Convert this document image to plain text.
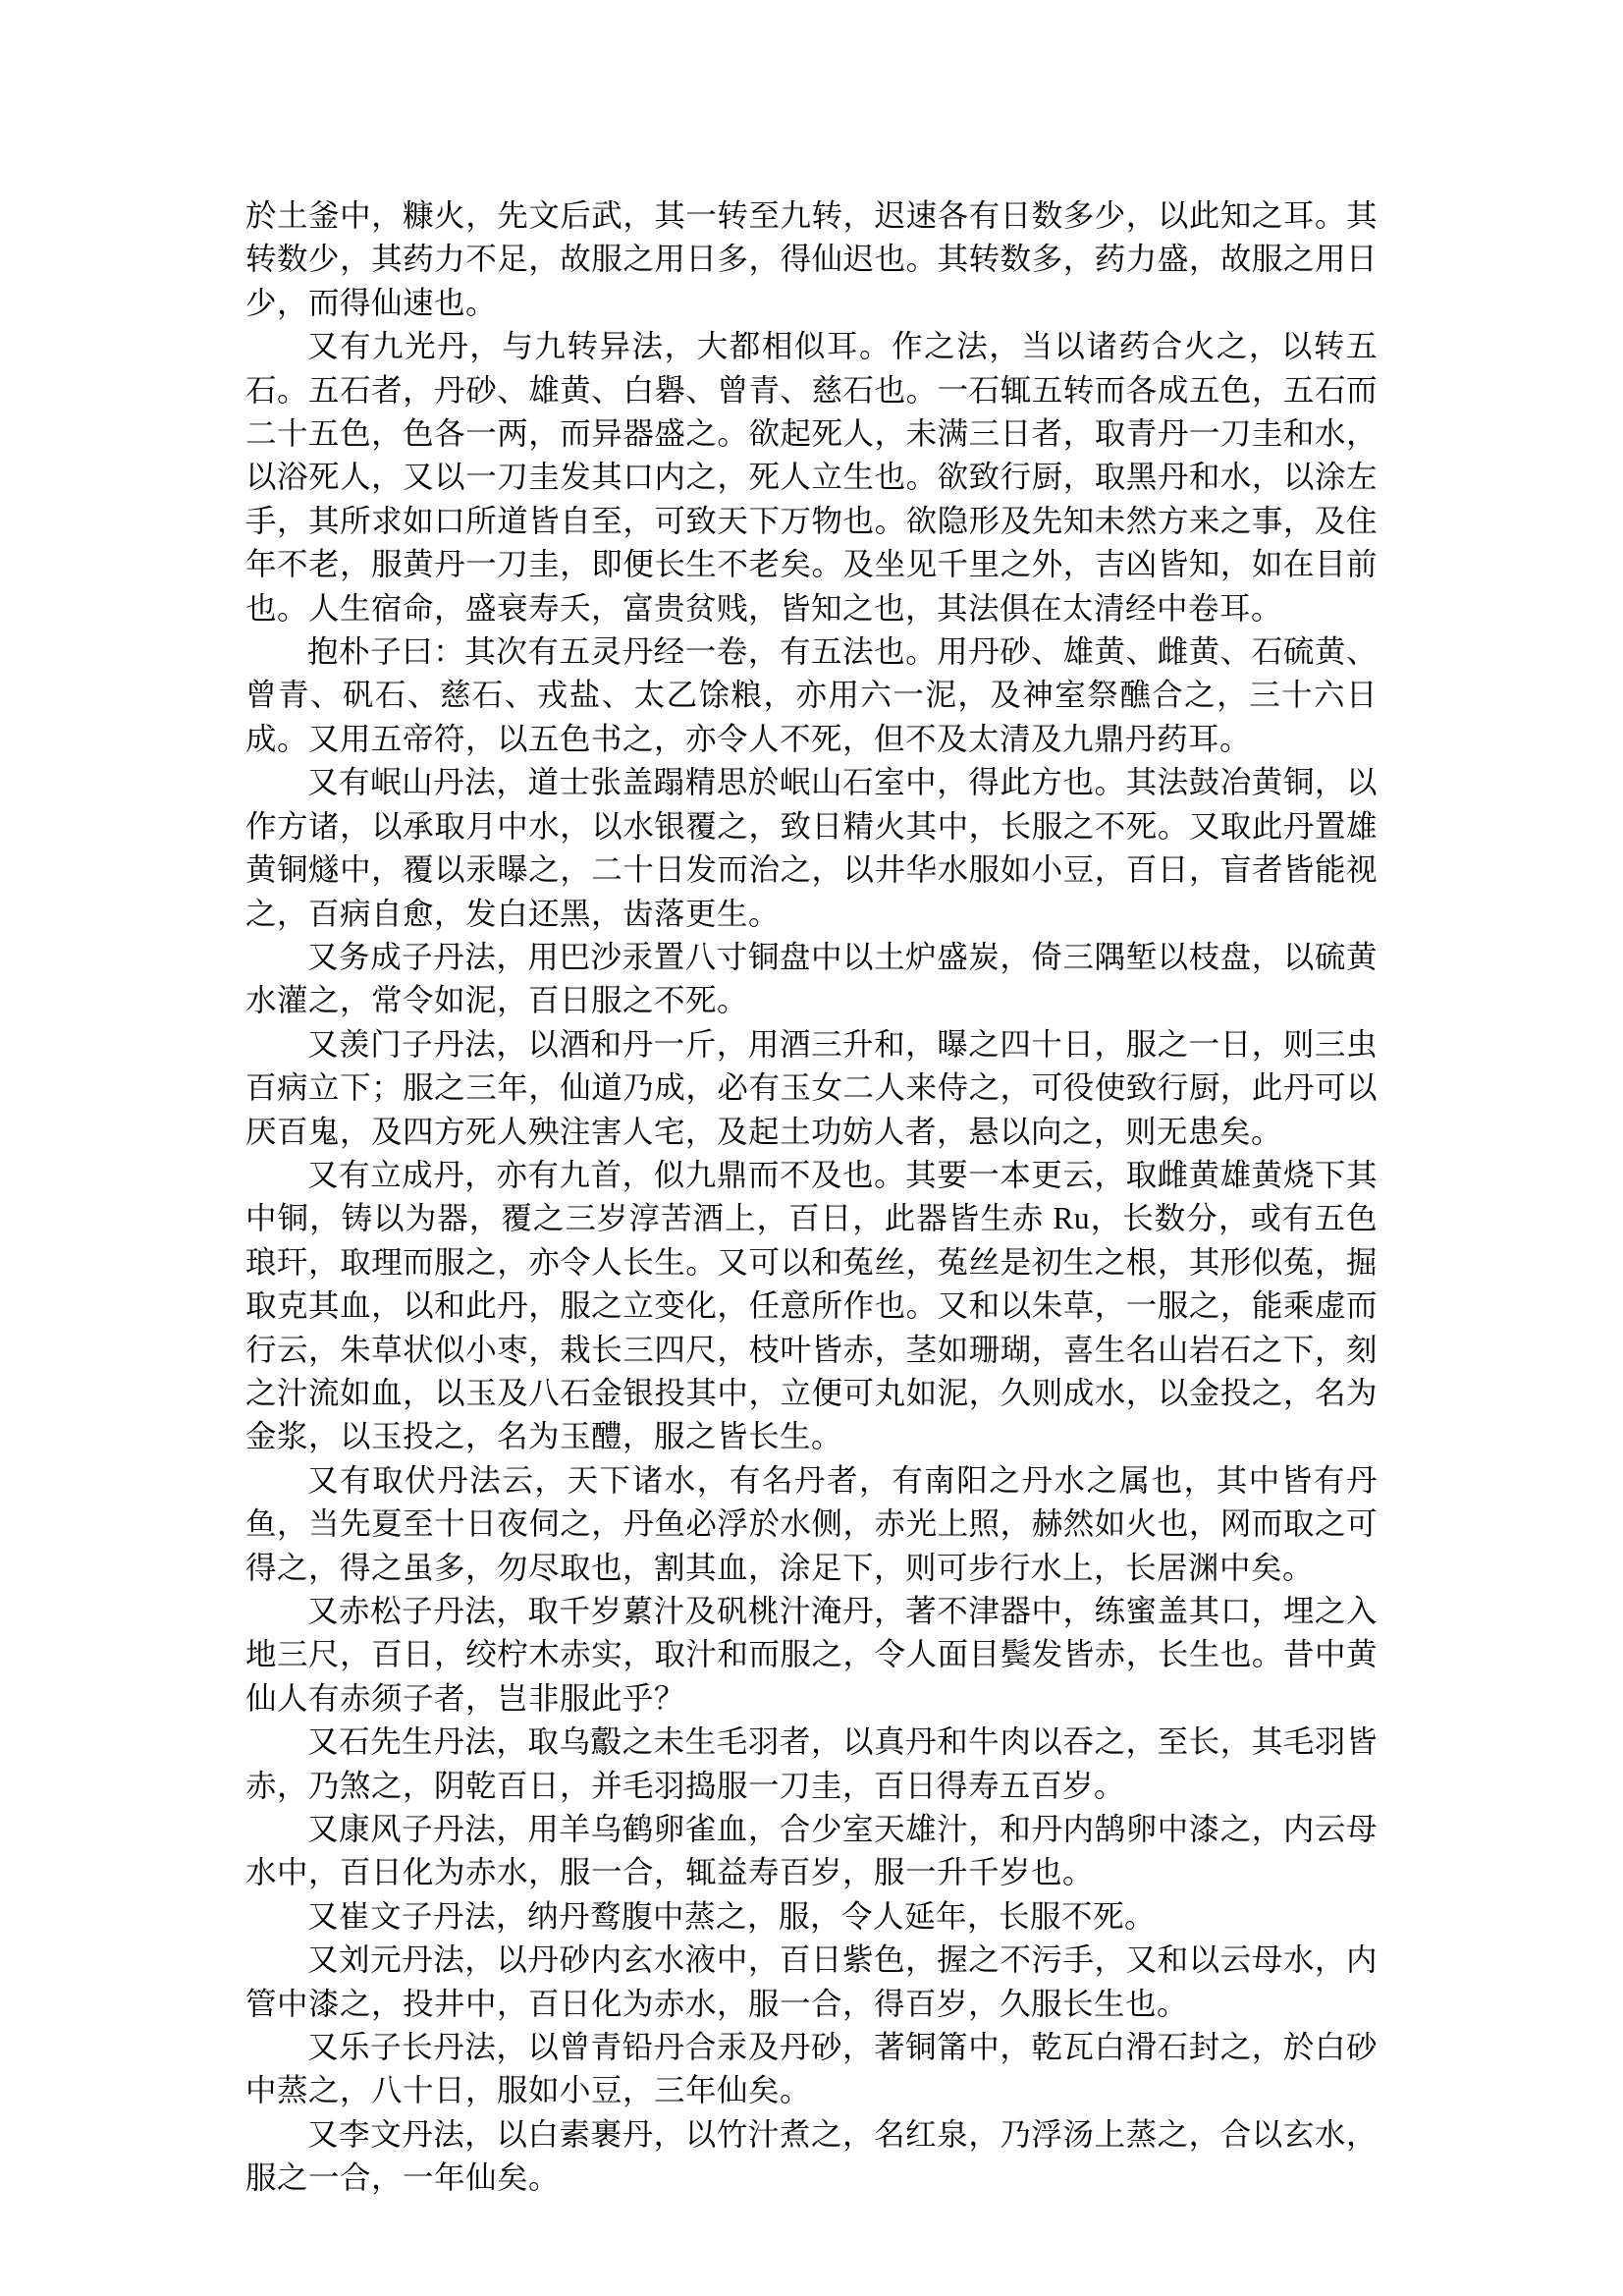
於土釜中，糠火，先文后武，其一转至九转，迟速各有日数多少，以此知之耳。其转数少，其药力不足，故服之用日多，得仙迟也。其转数多，药力盛，故服之用日少，而得仙速也。

又有九光丹，与九转异法，大都相似耳。作之法，当以诸药合火之，以转五石。五石者，丹砂、雄黄、白礜、曾青、慈石也。一石辄五转而各成五色，五石而二十五色，色各一两，而异器盛之。欲起死人，未满三日者，取青丹一刀圭和水，以浴死人，又以一刀圭发其口内之，死人立生也。欲致行厨，取黑丹和水，以涂左手，其所求如口所道皆自至，可致天下万物也。欲隐形及先知未然方来之事，及住年不老，服黄丹一刀圭，即便长生不老矣。及坐见千里之外，吉凶皆知，如在目前也。人生宿命，盛衰寿夭，富贵贫贱，皆知之也，其法俱在太清经中卷耳。

抱朴子曰：其次有五灵丹经一卷，有五法也。用丹砂、雄黄、雌黄、石硫黄、曾青、矾石、慈石、戎盐、太乙馀粮，亦用六一泥，及神室祭醮合之，三十六日成。又用五帝符，以五色书之，亦令人不死，但不及太清及九鼎丹药耳。

又有岷山丹法，道士张盖蹋精思於岷山石室中，得此方也。其法鼓冶黄铜，以作方诸，以承取月中水，以水银覆之，致日精火其中，长服之不死。又取此丹置雄黄铜燧中，覆以汞曝之，二十日发而治之，以井华水服如小豆，百日，盲者皆能视之，百病自愈，发白还黑，齿落更生。

又务成子丹法，用巴沙汞置八寸铜盘中以土炉盛炭，倚三隅堑以枝盘，以硫黄水灌之，常令如泥，百日服之不死。

又羡门子丹法，以酒和丹一斤，用酒三升和，曝之四十日，服之一日，则三虫百病立下；服之三年，仙道乃成，必有玉女二人来侍之，可役使致行厨，此丹可以厌百鬼，及四方死人殃注害人宅，及起土功妨人者，悬以向之，则无患矣。

又有立成丹，亦有九首，似九鼎而不及也。其要一本更云，取雌黄雄黄烧下其中铜，铸以为器，覆之三岁淳苦酒上，百日，此器皆生赤 Ru，长数分，或有五色琅玕，取理而服之，亦令人长生。又可以和菟丝，菟丝是初生之根，其形似菟，掘取克其血，以和此丹，服之立变化，任意所作也。又和以朱草，一服之，能乘虚而行云，朱草状似小枣，栽长三四尺，枝叶皆赤，茎如珊瑚，喜生名山岩石之下，刻之汁流如血，以玉及八石金银投其中，立便可丸如泥，久则成水，以金投之，名为金浆，以玉投之，名为玉醴，服之皆长生。

又有取伏丹法云，天下诸水，有名丹者，有南阳之丹水之属也，其中皆有丹鱼，当先夏至十日夜伺之，丹鱼必浮於水侧，赤光上照，赫然如火也，网而取之可得之，得之虽多，勿尽取也，割其血，涂足下，则可步行水上，长居渊中矣。

又赤松子丹法，取千岁蔂汁及矾桃汁淹丹，著不津器中，练蜜盖其口，埋之入地三尺，百日，绞柠木赤实，取汁和而服之，令人面目鬓发皆赤，长生也。昔中黄仙人有赤须子者，岂非服此乎？

又石先生丹法，取乌鷇之未生毛羽者，以真丹和牛肉以吞之，至长，其毛羽皆赤，乃煞之，阴乾百日，并毛羽捣服一刀圭，百日得寿五百岁。

又康风子丹法，用羊乌鹤卵雀血，合少室天雄汁，和丹内鹄卵中漆之，内云母水中，百日化为赤水，服一合，辄益寿百岁，服一升千岁也。

又崔文子丹法，纳丹鹜腹中蒸之，服，令人延年，长服不死。

又刘元丹法，以丹砂内玄水液中，百日紫色，握之不污手，又和以云母水，内管中漆之，投井中，百日化为赤水，服一合，得百岁，久服长生也。

又乐子长丹法，以曾青铅丹合汞及丹砂，著铜筩中，乾瓦白滑石封之，於白砂中蒸之，八十日，服如小豆，三年仙矣。

又李文丹法，以白素裹丹，以竹汁煮之，名红泉，乃浮汤上蒸之，合以玄水，服之一合，一年仙矣。
